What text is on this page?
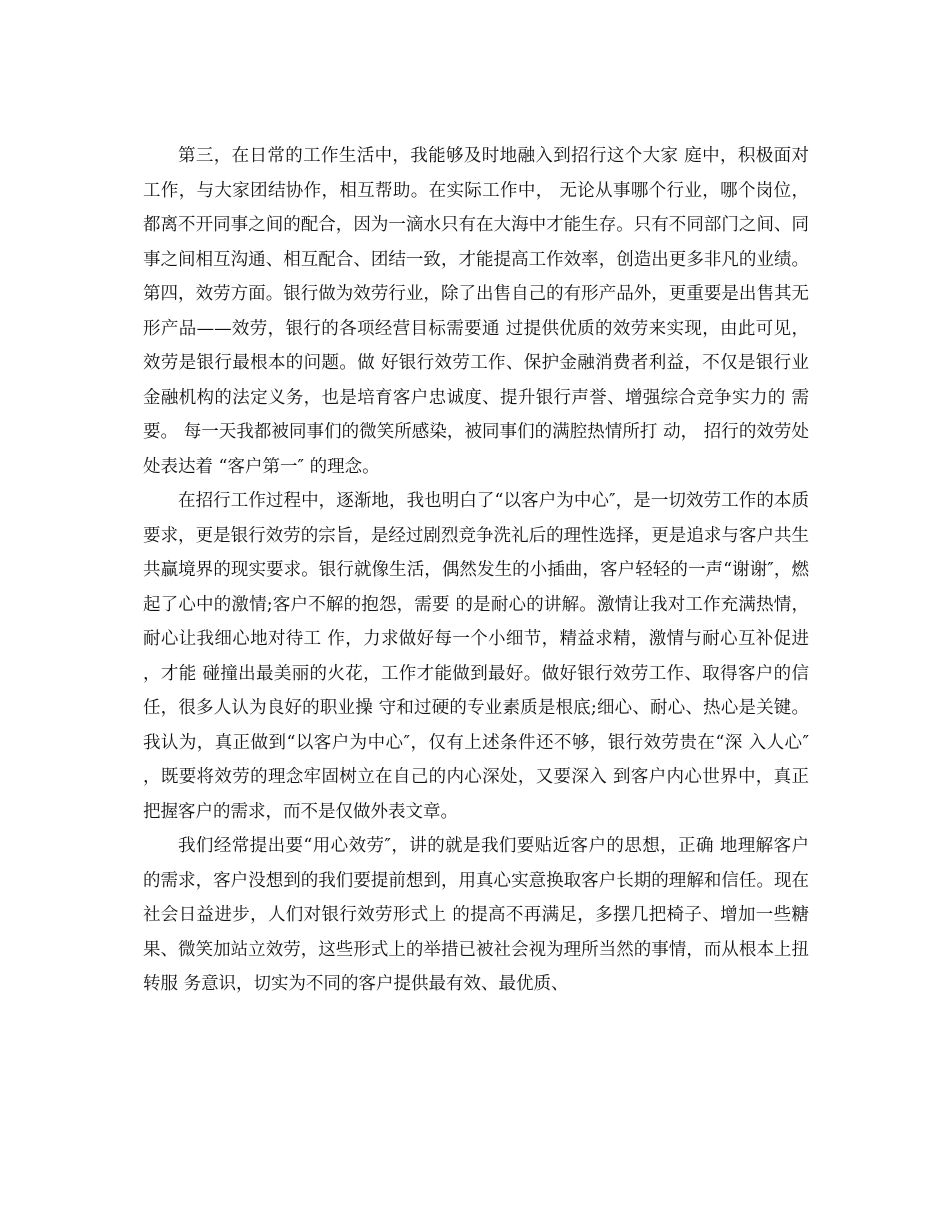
第三，在日常的工作生活中，我能够及时地融入到招行这个大家 庭中，积极面对工作，与大家团结协作，相互帮助。在实际工作中， 无论从事哪个行业，哪个岗位，都离不开同事之间的配合，因为一滴水只有在大海中才能生存。只有不同部门之间、同事之间相互沟通、相互配合、团结一致，才能提高工作效率，创造出更多非凡的业绩。 第四，效劳方面。银行做为效劳行业，除了出售自己的有形产品外，更重要是出售其无形产品——效劳，银行的各项经营目标需要通 过提供优质的效劳来实现，由此可见，效劳是银行最根本的问题。做 好银行效劳工作、保护金融消费者利益，不仅是银行业金融机构的法定义务，也是培育客户忠诚度、提升银行声誉、增强综合竞争实力的 需要。 每一天我都被同事们的微笑所感染，被同事们的满腔热情所打 动， 招行的效劳处处表达着 “客户第一″ 的理念。

在招行工作过程中，逐渐地，我也明白了“以客户为中心″，是一切效劳工作的本质要求，更是银行效劳的宗旨，是经过剧烈竞争洗礼后的理性选择，更是追求与客户共生共赢境界的现实要求。银行就像生活，偶然发生的小插曲，客户轻轻的一声“谢谢″，燃起了心中的激情;客户不解的抱怨，需要 的是耐心的讲解。激情让我对工作充满热情，耐心让我细心地对待工 作，力求做好每一个小细节，精益求精，激情与耐心互补促进，才能 碰撞出最美丽的火花，工作才能做到最好。做好银行效劳工作、取得客户的信任，很多人认为良好的职业操 守和过硬的专业素质是根底;细心、耐心、热心是关键。我认为，真正做到“以客户为中心″，仅有上述条件还不够，银行效劳贵在“深 入人心″，既要将效劳的理念牢固树立在自己的内心深处，又要深入 到客户内心世界中，真正把握客户的需求，而不是仅做外表文章。

我们经常提出要“用心效劳″，讲的就是我们要贴近客户的思想，正确 地理解客户的需求，客户没想到的我们要提前想到，用真心实意换取客户长期的理解和信任。现在社会日益进步，人们对银行效劳形式上 的提高不再满足，多摆几把椅子、增加一些糖果、微笑加站立效劳，这些形式上的举措已被社会视为理所当然的事情，而从根本上扭转服 务意识，切实为不同的客户提供最有效、最优质、
